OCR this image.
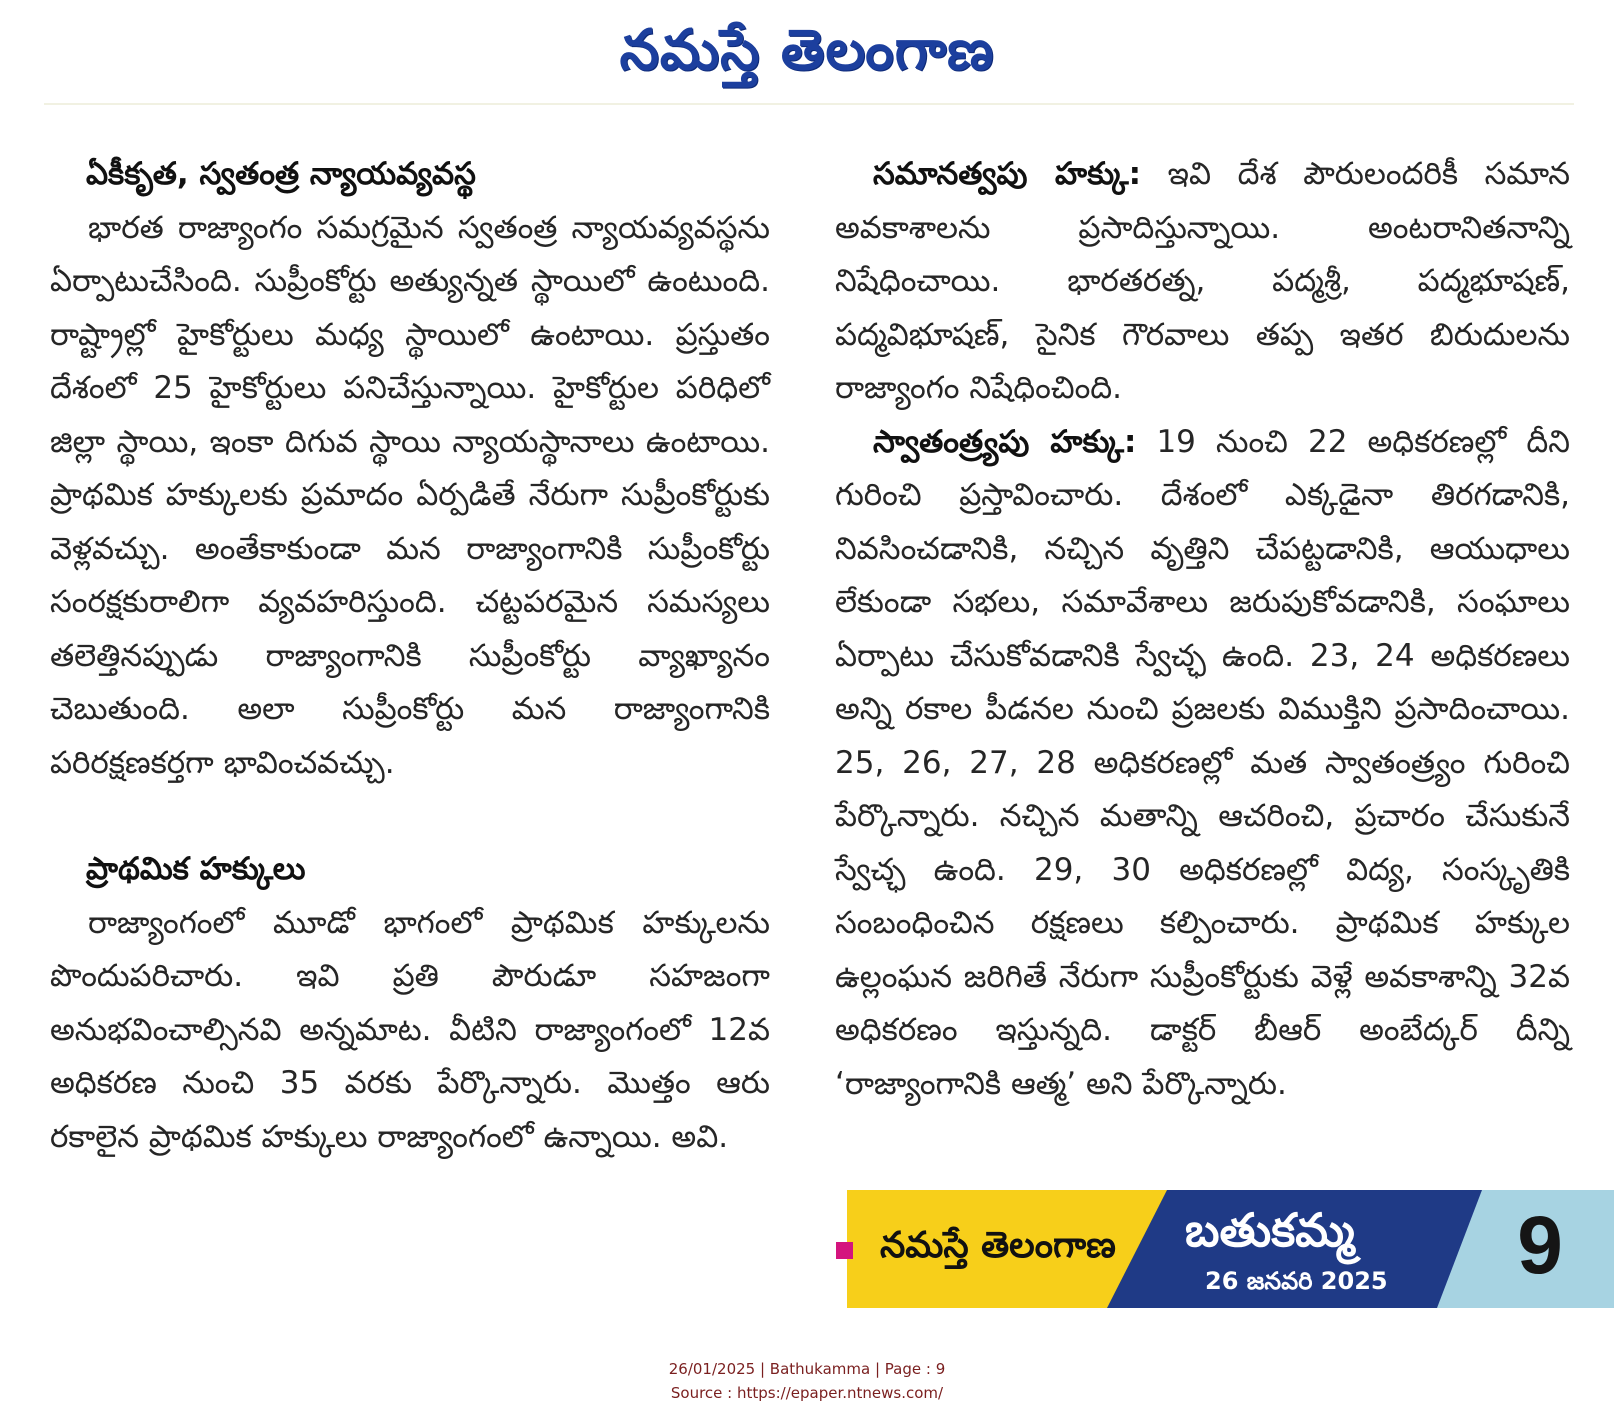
నమస్తే తెలంగాణ
ఏకీకృత, స్వతంత్ర న్యాయవ్యవస్థ

భారత రాజ్యాంగం సమగ్రమైన స్వతంత్ర న్యాయవ్యవస్థను ఏర్పాటుచేసింది. సుప్రీంకోర్టు అత్యున్నత స్థాయిలో ఉంటుంది. రాష్ట్రాల్లో హైకోర్టులు మధ్య స్థాయిలో ఉంటాయి. ప్రస్తుతం దేశంలో 25 హైకోర్టులు పనిచేస్తున్నాయి. హైకోర్టుల పరిధిలో జిల్లా స్థాయి, ఇంకా దిగువ స్థాయి న్యాయస్థానాలు ఉంటాయి. ప్రాథమిక హక్కులకు ప్రమాదం ఏర్పడితే నేరుగా సుప్రీంకోర్టుకు వెళ్లవచ్చు. అంతేకాకుండా మన రాజ్యాంగానికి సుప్రీంకోర్టు సంరక్షకురాలిగా వ్యవహరిస్తుంది. చట్టపరమైన సమస్యలు తలెత్తినప్పుడు రాజ్యాంగానికి సుప్రీంకోర్టు వ్యాఖ్యానం చెబుతుంది. అలా సుప్రీంకోర్టు మన రాజ్యాంగానికి పరిరక్షణకర్తగా భావించవచ్చు.

ప్రాథమిక హక్కులు

రాజ్యాంగంలో మూడో భాగంలో ప్రాథమిక హక్కులను పొందుపరిచారు. ఇవి ప్రతి పౌరుడూ సహజంగా అనుభవించాల్సినవి అన్నమాట. వీటిని రాజ్యాంగంలో 12వ అధికరణ నుంచి 35 వరకు పేర్కొన్నారు. మొత్తం ఆరు రకాలైన ప్రాథమిక హక్కులు రాజ్యాంగంలో ఉన్నాయి. అవి.

సమానత్వపు హక్కు: ఇవి దేశ పౌరులందరికీ సమాన అవకాశాలను ప్రసాదిస్తున్నాయి. అంటరానితనాన్ని నిషేధించాయి. భారతరత్న, పద్మశ్రీ, పద్మభూషణ్, పద్మవిభూషణ్, సైనిక గౌరవాలు తప్ప ఇతర బిరుదులను రాజ్యాంగం నిషేధించింది.

స్వాతంత్ర్యపు హక్కు: 19 నుంచి 22 అధికరణల్లో దీని గురించి ప్రస్తావించారు. దేశంలో ఎక్కడైనా తిరగడానికి, నివసించడానికి, నచ్చిన వృత్తిని చేపట్టడానికి, ఆయుధాలు లేకుండా సభలు, సమావేశాలు జరుపుకోవడానికి, సంఘాలు ఏర్పాటు చేసుకోవడానికి స్వేచ్ఛ ఉంది. 23, 24 అధికరణలు అన్ని రకాల పీడనల నుంచి ప్రజలకు విముక్తిని ప్రసాదించాయి. 25, 26, 27, 28 అధికరణల్లో మత స్వాతంత్ర్యం గురించి పేర్కొన్నారు. నచ్చిన మతాన్ని ఆచరించి, ప్రచారం చేసుకునే స్వేచ్ఛ ఉంది. 29, 30 అధికరణల్లో విద్య, సంస్కృతికి సంబంధించిన రక్షణలు కల్పించారు. ప్రాథమిక హక్కుల ఉల్లంఘన జరిగితే నేరుగా సుప్రీంకోర్టుకు వెళ్లే అవకాశాన్ని 32వ అధికరణం ఇస్తున్నది. డాక్టర్ బీఆర్ అంబేద్కర్ దీన్ని ‘రాజ్యాంగానికి ఆత్మ’ అని పేర్కొన్నారు.

నమస్తే తెలంగాణ బతుకమ్మ
26 జనవరి 2025 9
26/01/2025 | Bathukamma | Page : 9
Source : https://epaper.ntnews.com/
